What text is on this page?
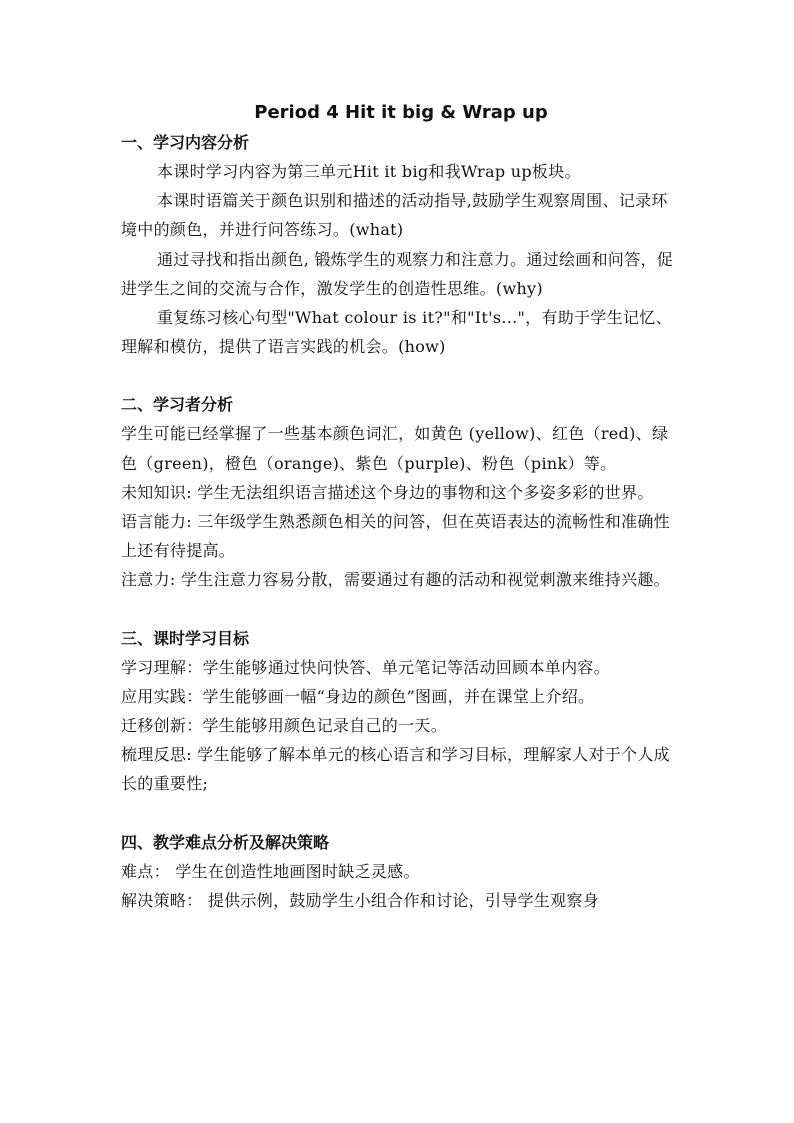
Period 4 Hit it big & Wrap up
一、学习内容分析

本课时学习内容为第三单元Hit it big和我Wrap up板块。

本课时语篇关于颜色识别和描述的活动指导,鼓励学生观察周围、记录环境中的颜色，并进行问答练习。(what)

通过寻找和指出颜色, 锻炼学生的观察力和注意力。通过绘画和问答，促进学生之间的交流与合作，激发学生的创造性思维。(why)

重复练习核心句型"What colour is it?"和"It's..."，有助于学生记忆、理解和模仿，提供了语言实践的机会。(how)

二、学习者分析

学生可能已经掌握了一些基本颜色词汇，如黄色 (yellow)、红色（red)、绿色（green)，橙色（orange)、紫色（purple)、粉色（pink）等。

未知知识: 学生无法组织语言描述这个身边的事物和这个多姿多彩的世界。

语言能力: 三年级学生熟悉颜色相关的问答，但在英语表达的流畅性和准确性上还有待提高。

注意力: 学生注意力容易分散，需要通过有趣的活动和视觉刺激来维持兴趣。

三、课时学习目标

学习理解：学生能够通过快问快答、单元笔记等活动回顾本单内容。

应用实践：学生能够画一幅“身边的颜色”图画，并在课堂上介绍。

迁移创新：学生能够用颜色记录自己的一天。

梳理反思: 学生能够了解本单元的核心语言和学习目标，理解家人对于个人成长的重要性;

四、教学难点分析及解决策略

难点： 学生在创造性地画图时缺乏灵感。

解决策略： 提供示例，鼓励学生小组合作和讨论，引导学生观察身
